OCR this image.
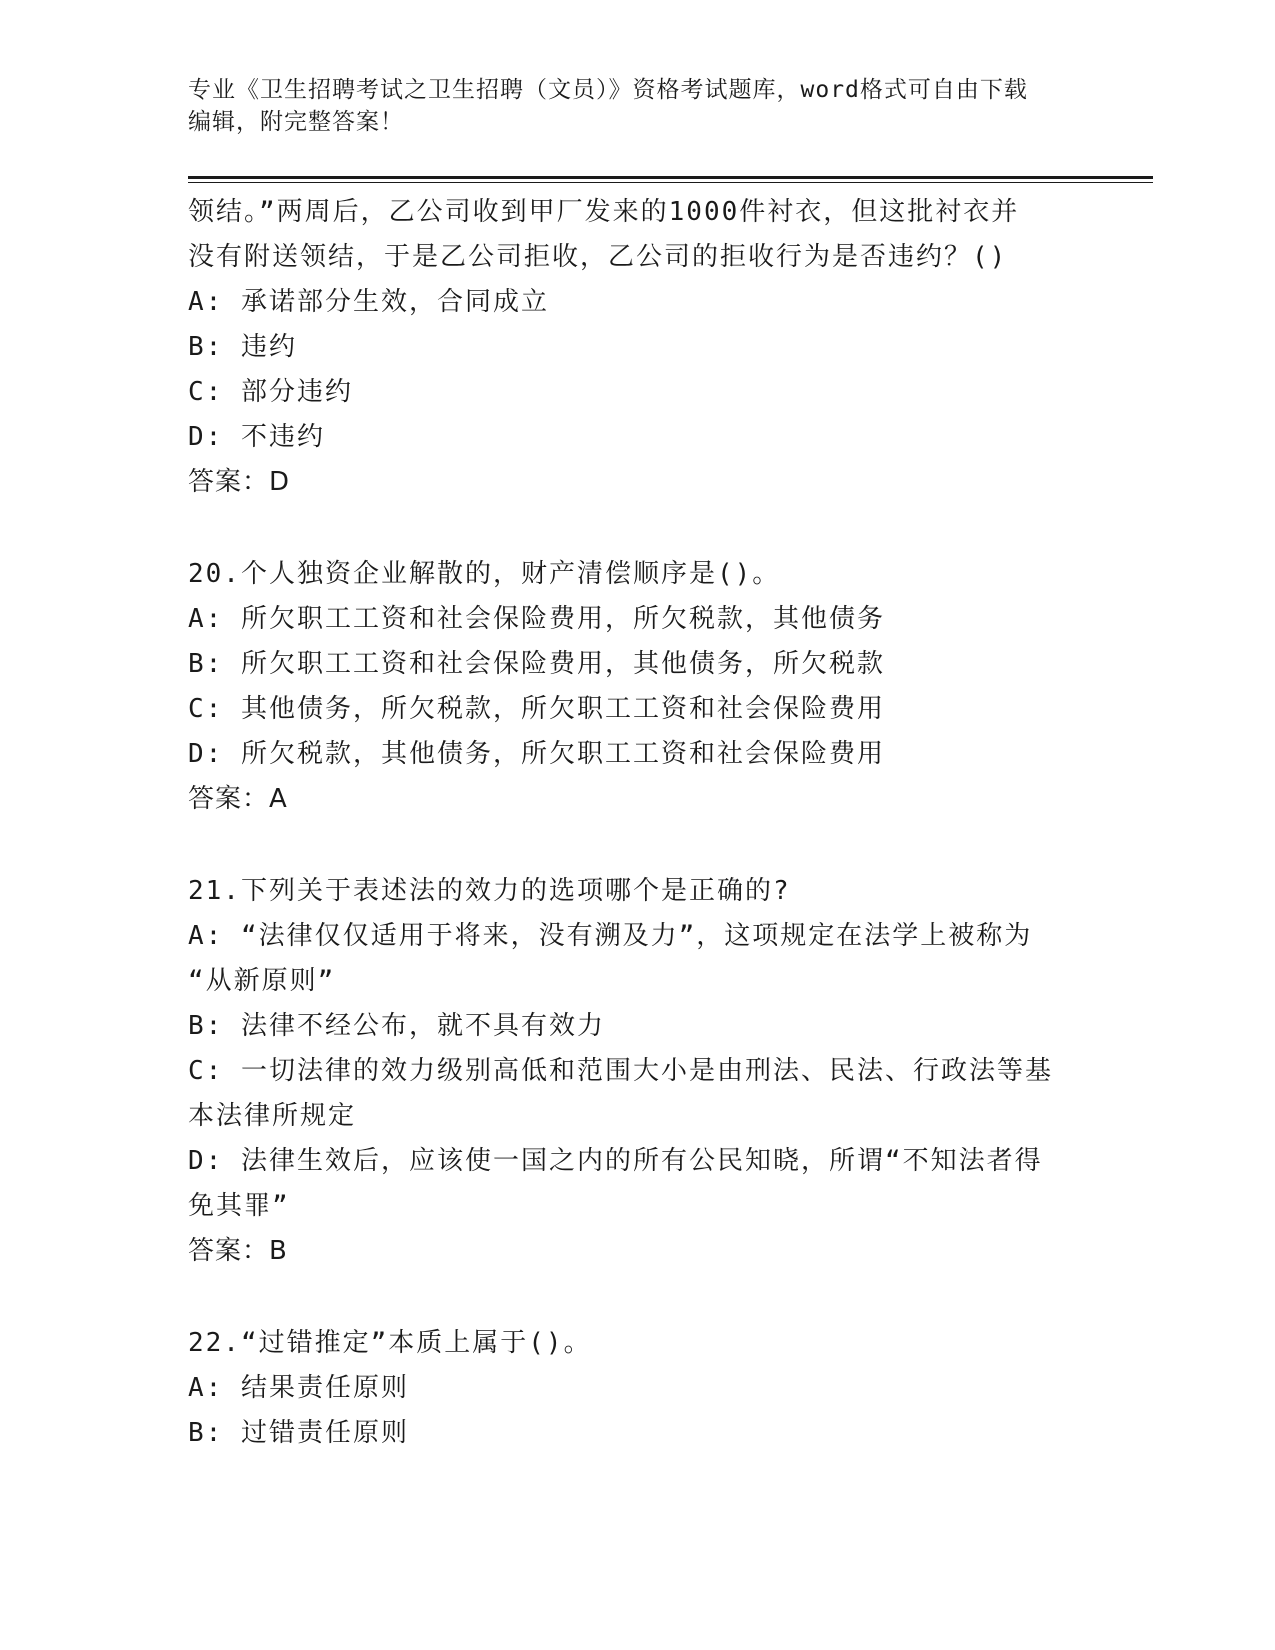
专业《卫生招聘考试之卫生招聘（文员）》资格考试题库，word格式可自由下载
编辑，附完整答案！
领结。”两周后，乙公司收到甲厂发来的1000件衬衣，但这批衬衣并
没有附送领结，于是乙公司拒收，乙公司的拒收行为是否违约？()
A: 承诺部分生效，合同成立
B: 违约
C: 部分违约
D: 不违约
答案：D
20.个人独资企业解散的，财产清偿顺序是()。
A: 所欠职工工资和社会保险费用，所欠税款，其他债务
B: 所欠职工工资和社会保险费用，其他债务，所欠税款
C: 其他债务，所欠税款，所欠职工工资和社会保险费用
D: 所欠税款，其他债务，所欠职工工资和社会保险费用
答案：A
21.下列关于表述法的效力的选项哪个是正确的?
A: “法律仅仅适用于将来，没有溯及力”，这项规定在法学上被称为
“从新原则”
B: 法律不经公布，就不具有效力
C: 一切法律的效力级别高低和范围大小是由刑法、民法、行政法等基
本法律所规定
D: 法律生效后，应该使一国之内的所有公民知晓，所谓“不知法者得
免其罪”
答案：B
22.“过错推定”本质上属于()。
A: 结果责任原则
B: 过错责任原则
